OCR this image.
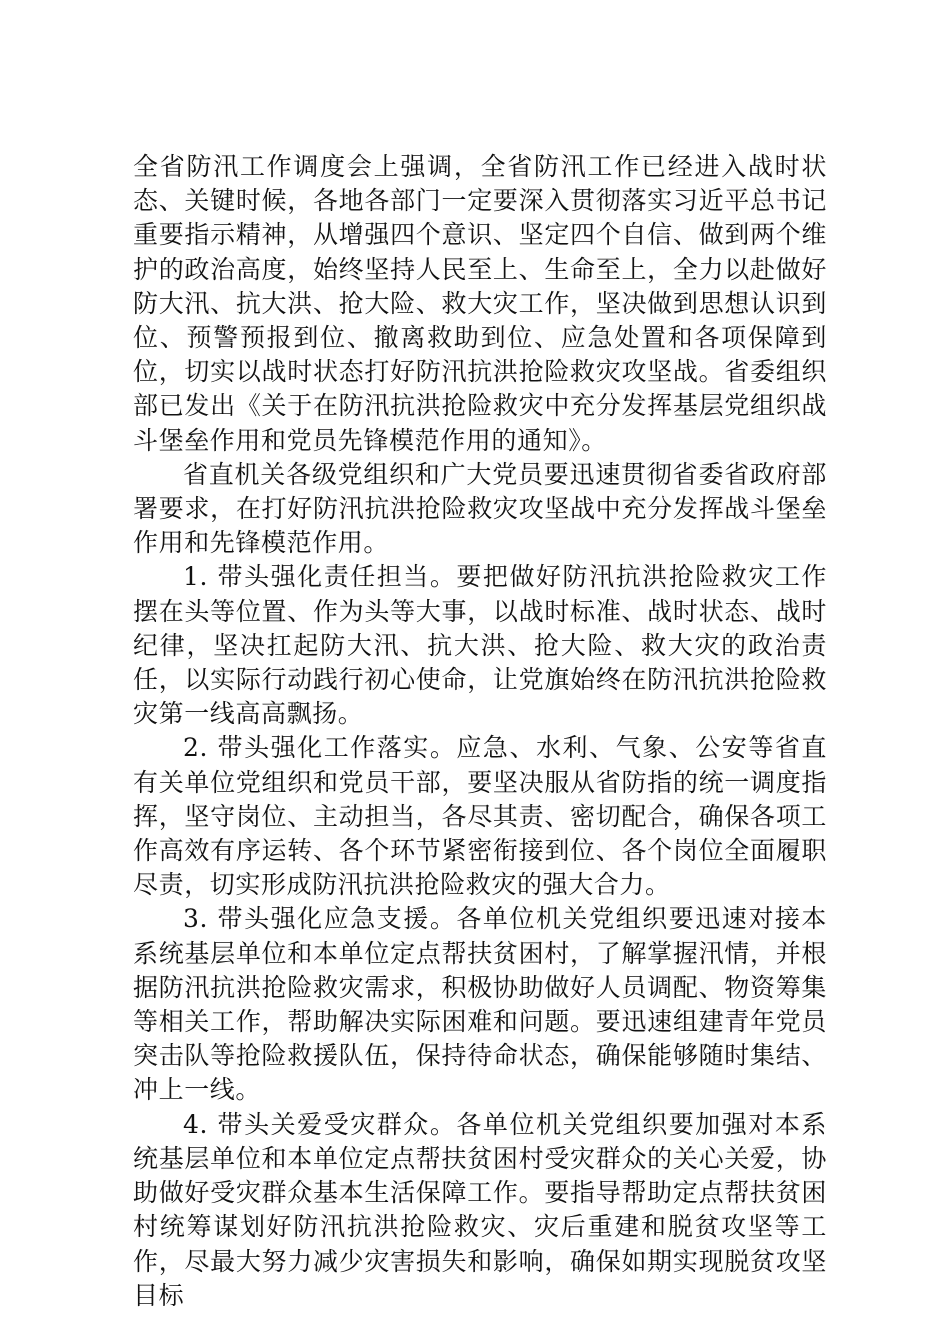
全省防汛工作调度会上强调，全省防汛工作已经进入战时状态、关键时候，各地各部门一定要深入贯彻落实习近平总书记重要指示精神，从增强四个意识、坚定四个自信、做到两个维护的政治高度，始终坚持人民至上、生命至上，全力以赴做好防大汛、抗大洪、抢大险、救大灾工作，坚决做到思想认识到位、预警预报到位、撤离救助到位、应急处置和各项保障到位，切实以战时状态打好防汛抗洪抢险救灾攻坚战。省委组织部已发出《关于在防汛抗洪抢险救灾中充分发挥基层党组织战斗堡垒作用和党员先锋模范作用的通知》。

省直机关各级党组织和广大党员要迅速贯彻省委省政府部署要求，在打好防汛抗洪抢险救灾攻坚战中充分发挥战斗堡垒作用和先锋模范作用。

1. 带头强化责任担当。要把做好防汛抗洪抢险救灾工作摆在头等位置、作为头等大事，以战时标准、战时状态、战时纪律，坚决扛起防大汛、抗大洪、抢大险、救大灾的政治责任，以实际行动践行初心使命，让党旗始终在防汛抗洪抢险救灾第一线高高飘扬。

2. 带头强化工作落实。应急、水利、气象、公安等省直有关单位党组织和党员干部，要坚决服从省防指的统一调度指挥，坚守岗位、主动担当，各尽其责、密切配合，确保各项工作高效有序运转、各个环节紧密衔接到位、各个岗位全面履职尽责，切实形成防汛抗洪抢险救灾的强大合力。

3. 带头强化应急支援。各单位机关党组织要迅速对接本系统基层单位和本单位定点帮扶贫困村，了解掌握汛情，并根据防汛抗洪抢险救灾需求，积极协助做好人员调配、物资筹集等相关工作，帮助解决实际困难和问题。要迅速组建青年党员突击队等抢险救援队伍，保持待命状态，确保能够随时集结、冲上一线。

4. 带头关爱受灾群众。各单位机关党组织要加强对本系统基层单位和本单位定点帮扶贫困村受灾群众的关心关爱，协助做好受灾群众基本生活保障工作。要指导帮助定点帮扶贫困村统筹谋划好防汛抗洪抢险救灾、灾后重建和脱贫攻坚等工作，尽最大努力减少灾害损失和影响，确保如期实现脱贫攻坚目标
